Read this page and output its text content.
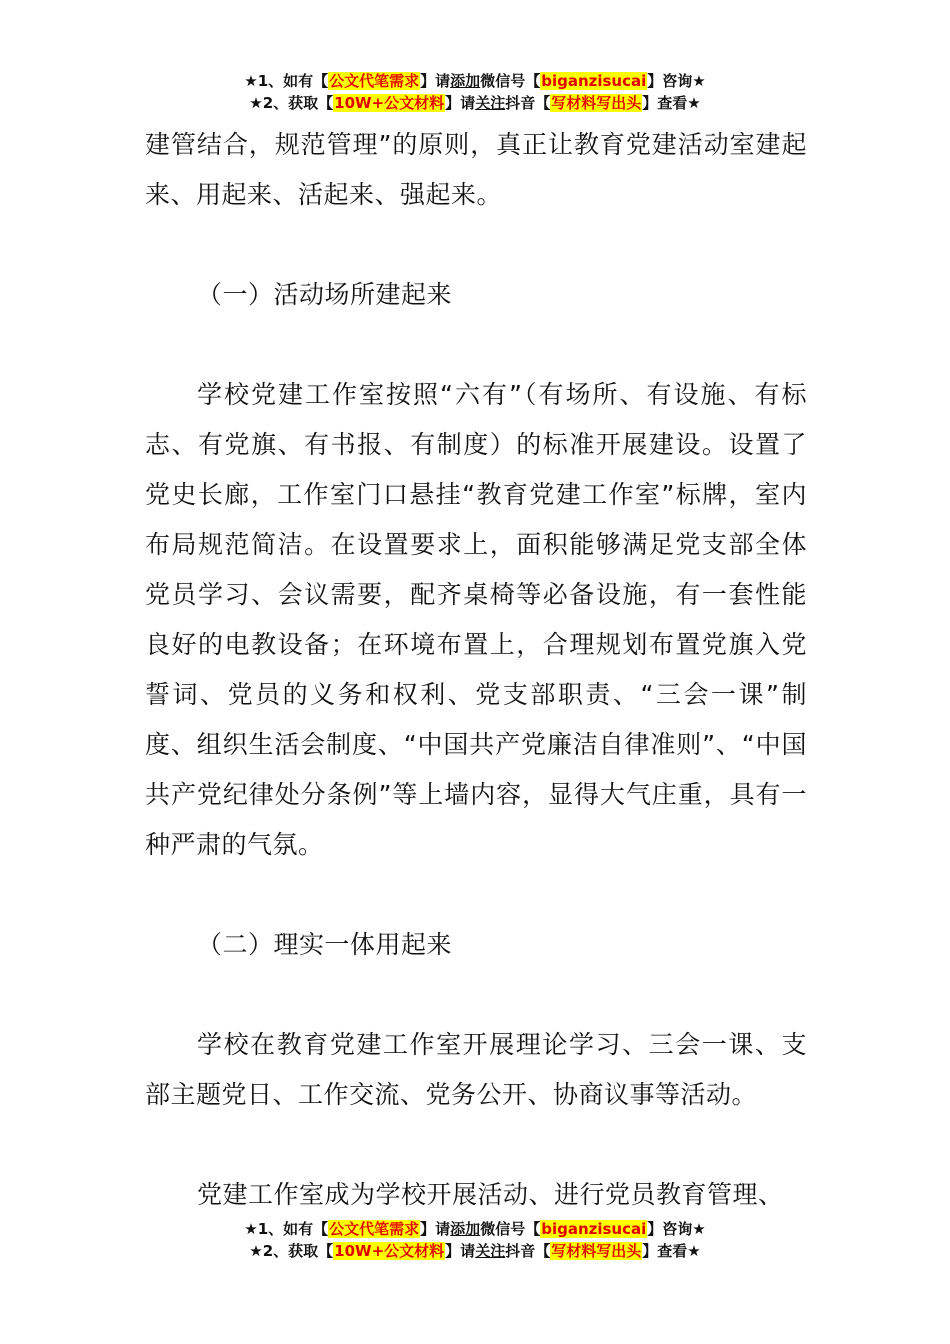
★1、如有【公文代笔需求】请添加微信号【biganzisucai】咨询★
★2、获取【10W+公文材料】请关注抖音【写材料写出头】查看★

建管结合，规范管理”的原则，真正让教育党建活动室建起来、用起来、活起来、强起来。

（一）活动场所建起来

学校党建工作室按照“六有”（有场所、有设施、有标志、有党旗、有书报、有制度）的标准开展建设。设置了党史长廊，工作室门口悬挂“教育党建工作室”标牌，室内布局规范简洁。在设置要求上，面积能够满足党支部全体党员学习、会议需要，配齐桌椅等必备设施，有一套性能良好的电教设备；在环境布置上，合理规划布置党旗入党誓词、党员的义务和权利、党支部职责、“三会一课”制度、组织生活会制度、“中国共产党廉洁自律准则”、“中国共产党纪律处分条例”等上墙内容，显得大气庄重，具有一种严肃的气氛。

（二）理实一体用起来

学校在教育党建工作室开展理论学习、三会一课、支部主题党日、工作交流、党务公开、协商议事等活动。

党建工作室成为学校开展活动、进行党员教育管理、

★1、如有【公文代笔需求】请添加微信号【biganzisucai】咨询★
★2、获取【10W+公文材料】请关注抖音【写材料写出头】查看★
